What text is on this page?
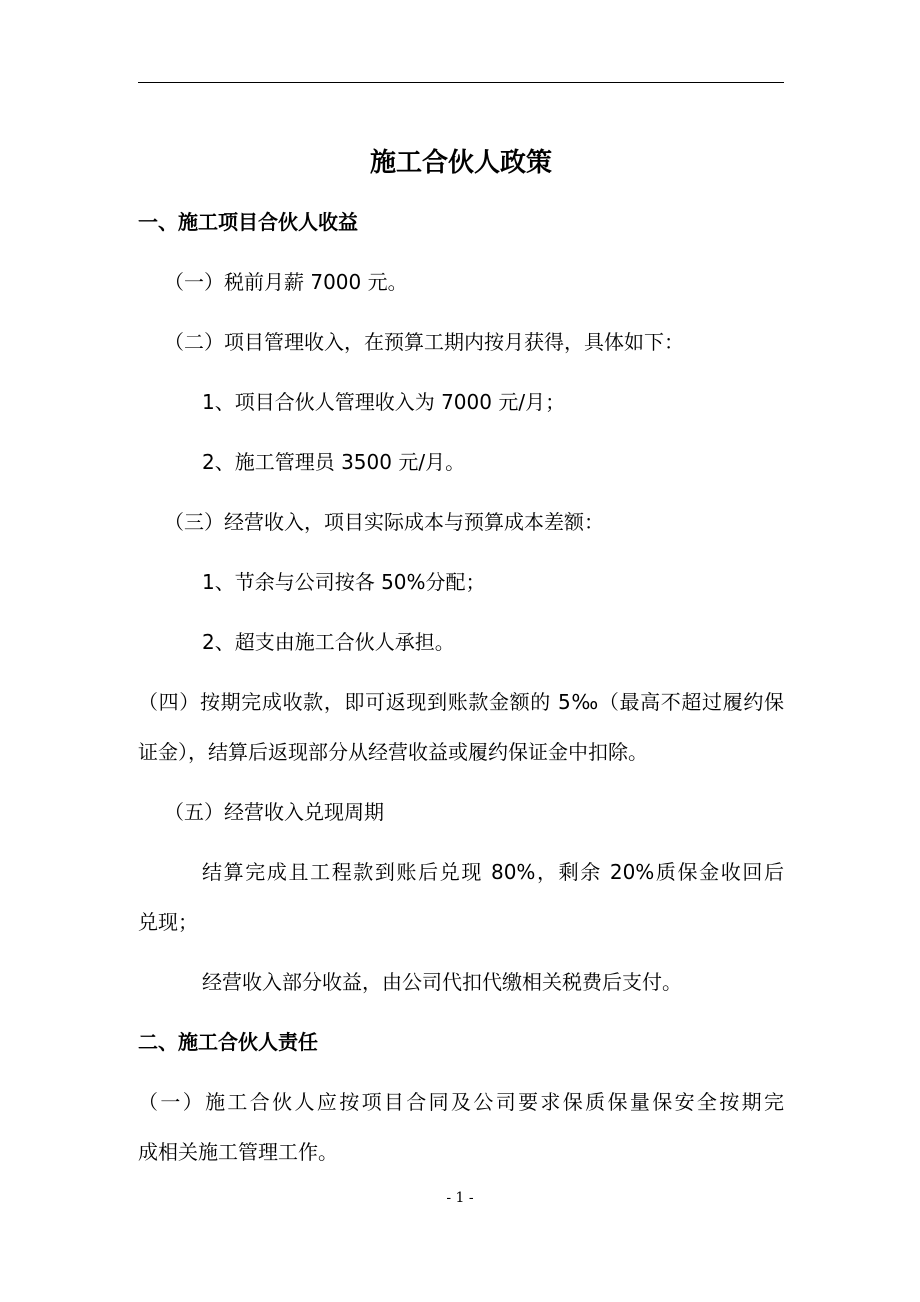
施工合伙人政策
一、施工项目合伙人收益
（一）税前月薪 7000 元。
（二）项目管理收入，在预算工期内按月获得，具体如下：
1、项目合伙人管理收入为 7000 元/月；
2、施工管理员 3500 元/月。
（三）经营收入，项目实际成本与预算成本差额：
1、节余与公司按各 50%分配；
2、超支由施工合伙人承担。
（四）按期完成收款，即可返现到账款金额的 5‰（最高不超过履约保
证金），结算后返现部分从经营收益或履约保证金中扣除。
（五）经营收入兑现周期
结算完成且工程款到账后兑现 80%，剩余 20%质保金收回后
兑现；
经营收入部分收益，由公司代扣代缴相关税费后支付。
二、施工合伙人责任
（一）施工合伙人应按项目合同及公司要求保质保量保安全按期完
成相关施工管理工作。
- 1 -
